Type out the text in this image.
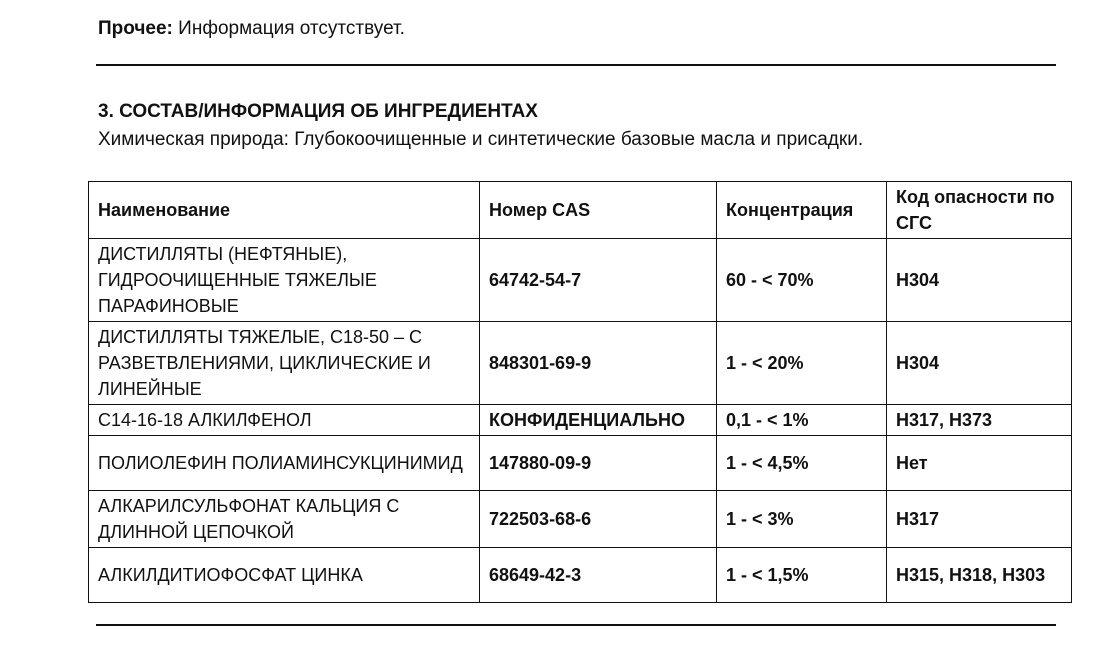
Прочее: Информация отсутствует.
3. СОСТАВ/ИНФОРМАЦИЯ ОБ ИНГРЕДИЕНТАХ
Химическая природа: Глубокоочищенные и синтетические базовые масла и присадки.
Наименование	Номер CAS	Концентрация	Код опасности по СГС
ДИСТИЛЛЯТЫ (НЕФТЯНЫЕ), ГИДРООЧИЩЕННЫЕ ТЯЖЕЛЫЕ ПАРАФИНОВЫЕ	64742-54-7	60 - < 70%	H304
ДИСТИЛЛЯТЫ ТЯЖЕЛЫЕ, С18-50 – С РАЗВЕТВЛЕНИЯМИ, ЦИКЛИЧЕСКИЕ И ЛИНЕЙНЫЕ	848301-69-9	1 - < 20%	H304
С14-16-18 АЛКИЛФЕНОЛ	КОНФИДЕНЦИАЛЬНО	0,1 - < 1%	H317, H373
ПОЛИОЛЕФИН ПОЛИАМИНСУКЦИНИМИД	147880-09-9	1 - < 4,5%	Нет
АЛКАРИЛСУЛЬФОНАТ КАЛЬЦИЯ С ДЛИННОЙ ЦЕПОЧКОЙ	722503-68-6	1 - < 3%	H317
АЛКИЛДИТИОФОСФАТ ЦИНКА	68649-42-3	1 - < 1,5%	H315, H318, H303
